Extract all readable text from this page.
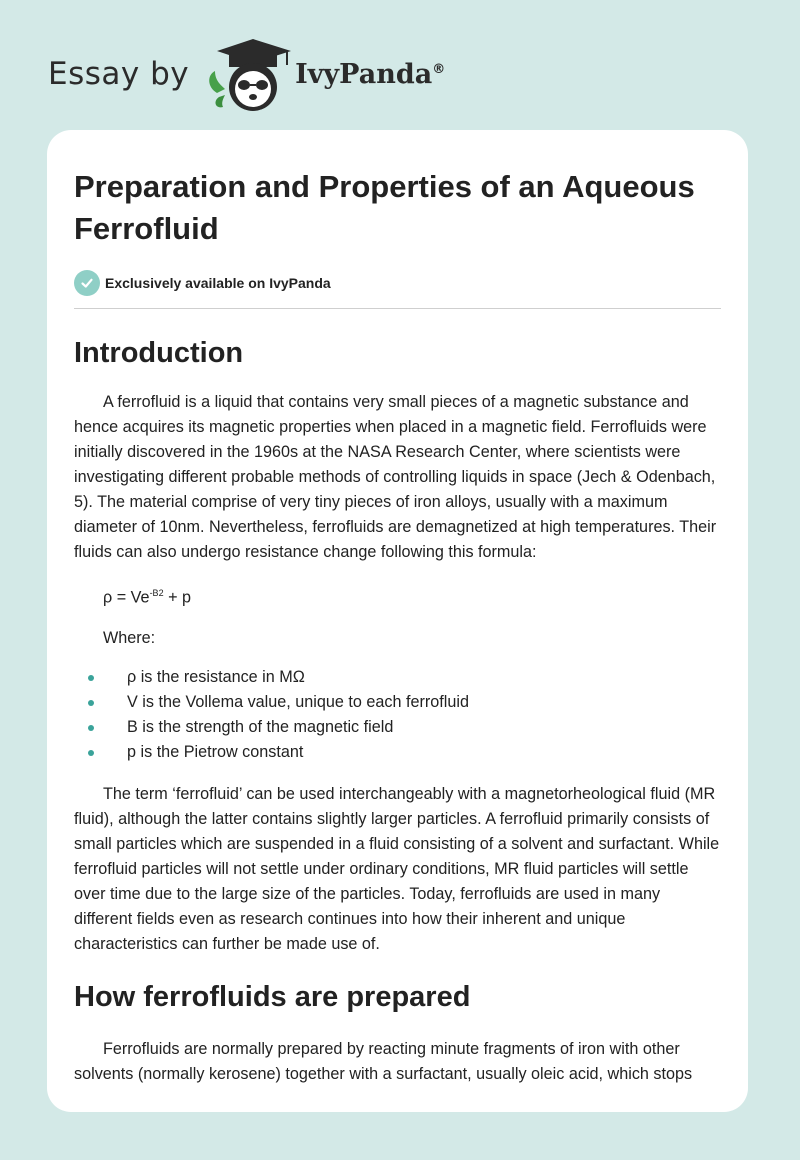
Essay by	IvyPanda®
Preparation and Properties of an Aqueous Ferrofluid
Exclusively available on IvyPanda
Introduction

A ferrofluid is a liquid that contains very small pieces of a magnetic substance and hence acquires its magnetic properties when placed in a magnetic field. Ferrofluids were initially discovered in the 1960s at the NASA Research Center, where scientists were investigating different probable methods of controlling liquids in space (Jech & Odenbach, 5). The material comprise of very tiny pieces of iron alloys, usually with a maximum diameter of 10nm. Nevertheless, ferrofluids are demagnetized at high temperatures. Their fluids can also undergo resistance change following this formula:

$\rho = Ve^{-B2} + p$
Where:
ρ is the resistance in MΩ
V is the Vollema value, unique to each ferrofluid
B is the strength of the magnetic field
p is the Pietrow constant

The term ‘ferrofluid’ can be used interchangeably with a magnetorheological fluid (MR fluid), although the latter contains slightly larger particles. A ferrofluid primarily consists of small particles which are suspended in a fluid consisting of a solvent and surfactant. While ferrofluid particles will not settle under ordinary conditions, MR fluid particles will settle over time due to the large size of the particles. Today, ferrofluids are used in many different fields even as research continues into how their inherent and unique characteristics can further be made use of.

How ferrofluids are prepared

Ferrofluids are normally prepared by reacting minute fragments of iron with other solvents (normally kerosene) together with a surfactant, usually oleic acid, which stops
